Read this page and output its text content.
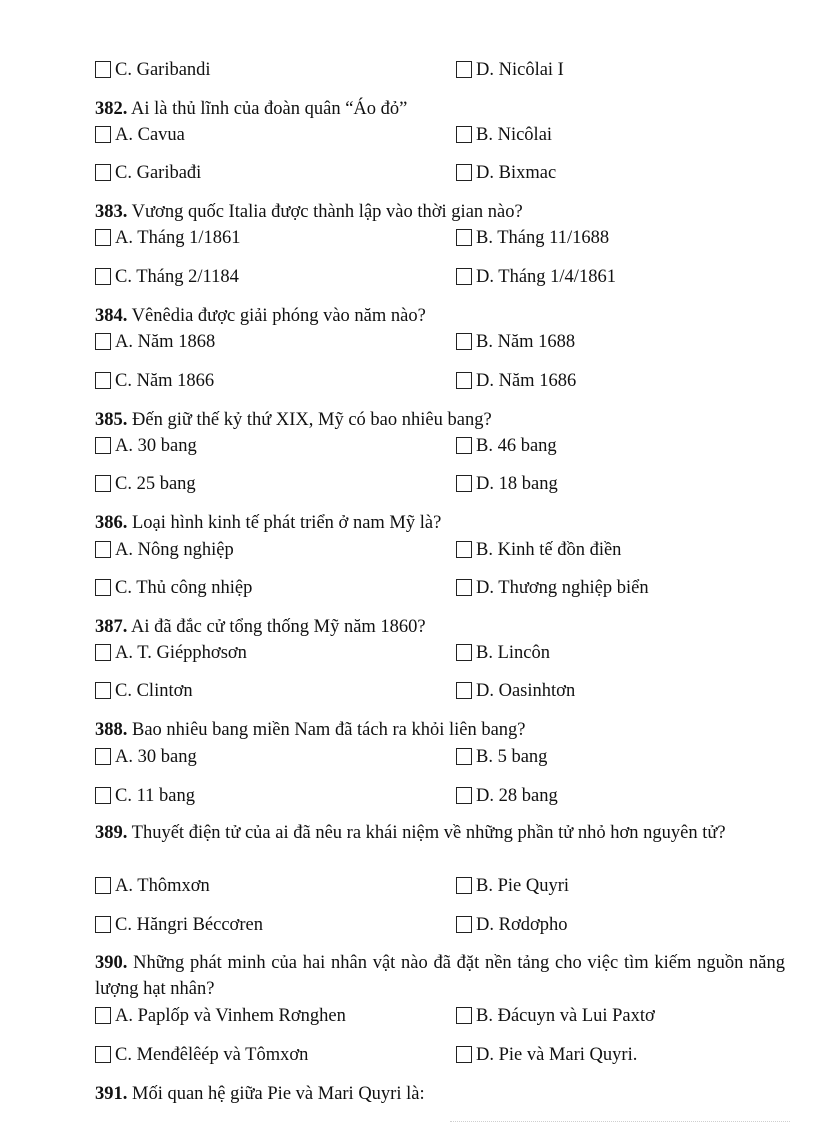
C. Garibandi	D. Nicôlai I
382. Ai là thủ lĩnh của đoàn quân “Áo đỏ”
A. Cavua	B. Nicôlai
C. Garibađi	D. Bixmac
383. Vương quốc Italia được thành lập vào thời gian nào?
A. Tháng 1/1861	B. Tháng 11/1688
C. Tháng 2/1184	D. Tháng 1/4/1861
384. Vênêdia được giải phóng vào năm nào?
A. Năm 1868	B. Năm 1688
C. Năm 1866	D. Năm 1686
385. Đến giữ thế kỷ thứ XIX, Mỹ có bao nhiêu bang?
A. 30 bang	B. 46 bang
C. 25 bang	D. 18 bang
386. Loại hình kinh tế phát triển ở nam Mỹ là?
A. Nông nghiệp	B. Kinh tế đồn điền
C. Thủ công nhiệp	D. Thương nghiệp biển
387. Ai đã đắc cử tổng thống Mỹ năm 1860?
A. T. Giépphơsơn	B. Lincôn
C. Clintơn	D. Oasinhtơn
388. Bao nhiêu bang miền Nam đã tách ra khỏi liên bang?
A. 30 bang	B. 5 bang
C. 11 bang	D. 28 bang
389. Thuyết điện tử của ai đã nêu ra khái niệm về những phần tử nhỏ hơn nguyên tử?
A. Thômxơn	B. Pie Quyri
C. Hăngri Béccơren	D. Rơdơpho
390. Những phát minh của hai nhân vật nào đã đặt nền tảng cho việc tìm kiếm nguồn năng lượng hạt nhân?
A. Paplốp và Vinhem Rơnghen	B. Đácuyn và Lui Paxtơ
C. Menđêlêép và Tômxơn	D. Pie và Mari Quyri.
391. Mối quan hệ giữa Pie và Mari Quyri là:
